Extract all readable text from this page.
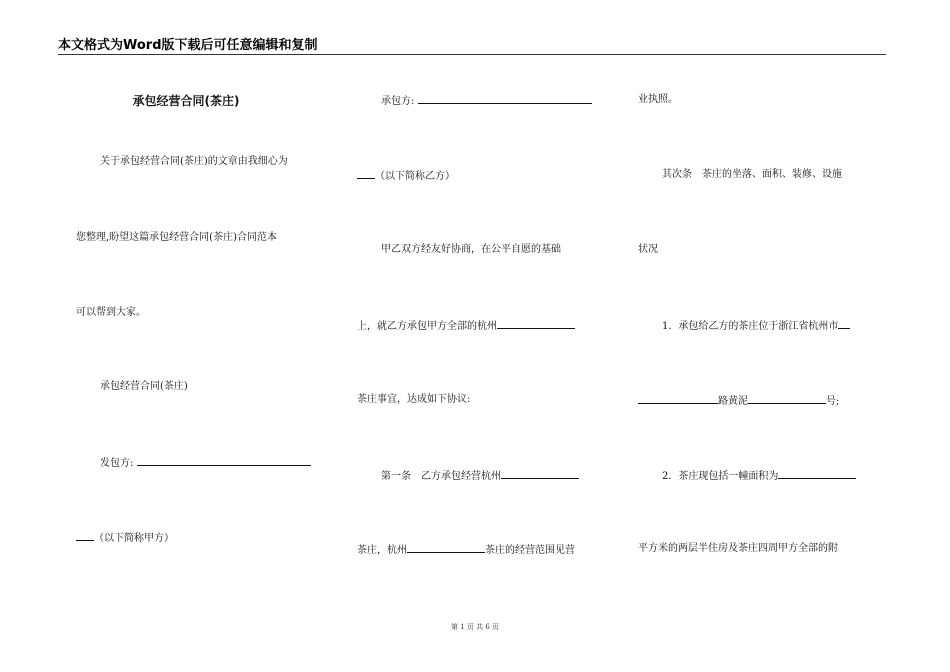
本文格式为Word版下载后可任意编辑和复制
承包经营合同(茶庄)
关于承包经营合同(茶庄)的文章由我细心为
您整理,盼望这篇承包经营合同(茶庄)合同范本
可以帮到大家。
承包经营合同(茶庄)
发包方:
（以下简称甲方）
承包方:
（以下简称乙方）
甲乙双方经友好协商，在公平自愿的基础
上，就乙方承包甲方全部的杭州
茶庄事宜，达成如下协议:
第一条　乙方承包经营杭州
茶庄，杭州	茶庄的经营范围见营
业执照。
其次条　茶庄的坐落、面积、装修、设施
状况
1．承包给乙方的茶庄位于浙江省杭州市
路黄泥	号;
2．茶庄现包括一幢面积为
平方米的两层半住房及茶庄四周甲方全部的附
第 1 页 共 6 页
